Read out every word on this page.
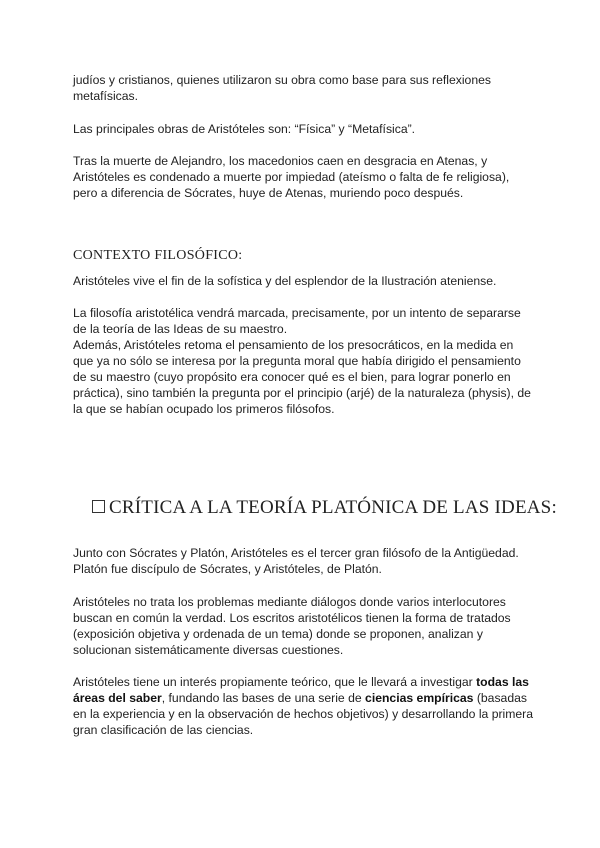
judíos y cristianos, quienes utilizaron su obra como base para sus reflexiones metafísicas.

Las principales obras de Aristóteles son: “Física” y “Metafísica”.

Tras la muerte de Alejandro, los macedonios caen en desgracia en Atenas, y Aristóteles es condenado a muerte por impiedad (ateísmo o falta de fe religiosa), pero a diferencia de Sócrates, huye de Atenas, muriendo poco después.

CONTEXTO FILOSÓFICO:

Aristóteles vive el fin de la sofística y del esplendor de la Ilustración ateniense.

La filosofía aristotélica vendrá marcada, precisamente, por un intento de separarse de la teoría de las Ideas de su maestro.

Además, Aristóteles retoma el pensamiento de los presocráticos, en la medida en que ya no sólo se interesa por la pregunta moral que había dirigido el pensamiento de su maestro (cuyo propósito era conocer qué es el bien, para lograr ponerlo en práctica), sino también la pregunta por el principio (arjé) de la naturaleza (physis), de la que se habían ocupado los primeros filósofos.

CRÍTICA A LA TEORÍA PLATÓNICA DE LAS IDEAS:

Junto con Sócrates y Platón, Aristóteles es el tercer gran filósofo de la Antigüedad. Platón fue discípulo de Sócrates, y Aristóteles, de Platón.

Aristóteles no trata los problemas mediante diálogos donde varios interlocutores buscan en común la verdad. Los escritos aristotélicos tienen la forma de tratados (exposición objetiva y ordenada de un tema) donde se proponen, analizan y solucionan sistemáticamente diversas cuestiones.

Aristóteles tiene un interés propiamente teórico, que le llevará a investigar todas las áreas del saber, fundando las bases de una serie de ciencias empíricas (basadas en la experiencia y en la observación de hechos objetivos) y desarrollando la primera gran clasificación de las ciencias.
